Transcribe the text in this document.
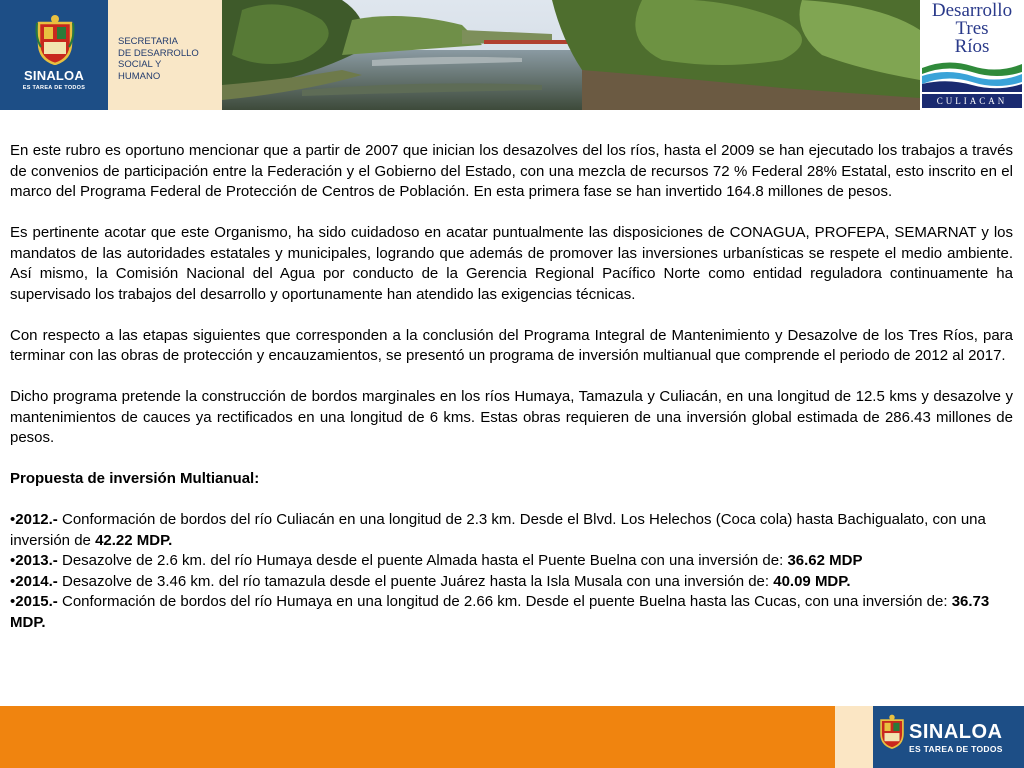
SINALOA
ES TAREA DE TODOS
SECRETARIA
DE DESARROLLO
SOCIAL Y
HUMANO
Desarrollo
Tres
Ríos
CULIACAN

En este rubro es oportuno mencionar que a partir de 2007 que inician los desazolves del los ríos, hasta el 2009 se han ejecutado los trabajos a través de convenios de participación entre la Federación y el Gobierno del Estado, con una mezcla de recursos 72 % Federal 28% Estatal, esto inscrito en el marco del Programa Federal de Protección de Centros de Población. En esta primera fase se han invertido 164.8 millones de pesos.

Es pertinente acotar que este Organismo, ha sido cuidadoso en acatar puntualmente las disposiciones de CONAGUA, PROFEPA, SEMARNAT y los mandatos de las autoridades estatales y municipales, logrando que además de promover las inversiones urbanísticas se respete el medio ambiente. Así mismo, la Comisión Nacional del Agua por conducto de la Gerencia Regional Pacífico Norte como entidad reguladora continuamente ha supervisado los trabajos del desarrollo y oportunamente han atendido las exigencias técnicas.

Con respecto a las etapas siguientes que corresponden a la conclusión del Programa Integral de Mantenimiento y Desazolve de los Tres Ríos, para terminar con las obras de protección y encauzamientos, se presentó un programa de inversión multianual que comprende el periodo de 2012 al 2017.

Dicho programa pretende la construcción de bordos marginales en los ríos Humaya, Tamazula y Culiacán, en una longitud de 12.5 kms y desazolve y mantenimientos de cauces ya rectificados en una longitud de 6 kms. Estas obras requieren de una inversión global estimada de 286.43 millones de pesos.

Propuesta de inversión Multianual:

•2012.- Conformación de bordos del río Culiacán en una longitud de 2.3 km. Desde el Blvd. Los Helechos (Coca cola) hasta Bachigualato, con una inversión de 42.22 MDP.

•2013.- Desazolve de 2.6 km. del río Humaya desde el puente Almada hasta el Puente Buelna con una inversión de: 36.62 MDP

•2014.- Desazolve de 3.46 km. del río tamazula desde el puente Juárez hasta la Isla Musala con una inversión de: 40.09 MDP.

•2015.- Conformación de bordos del río Humaya en una longitud de 2.66 km. Desde el puente Buelna hasta las Cucas, con una inversión de: 36.73 MDP.

SINALOA
ES TAREA DE TODOS
